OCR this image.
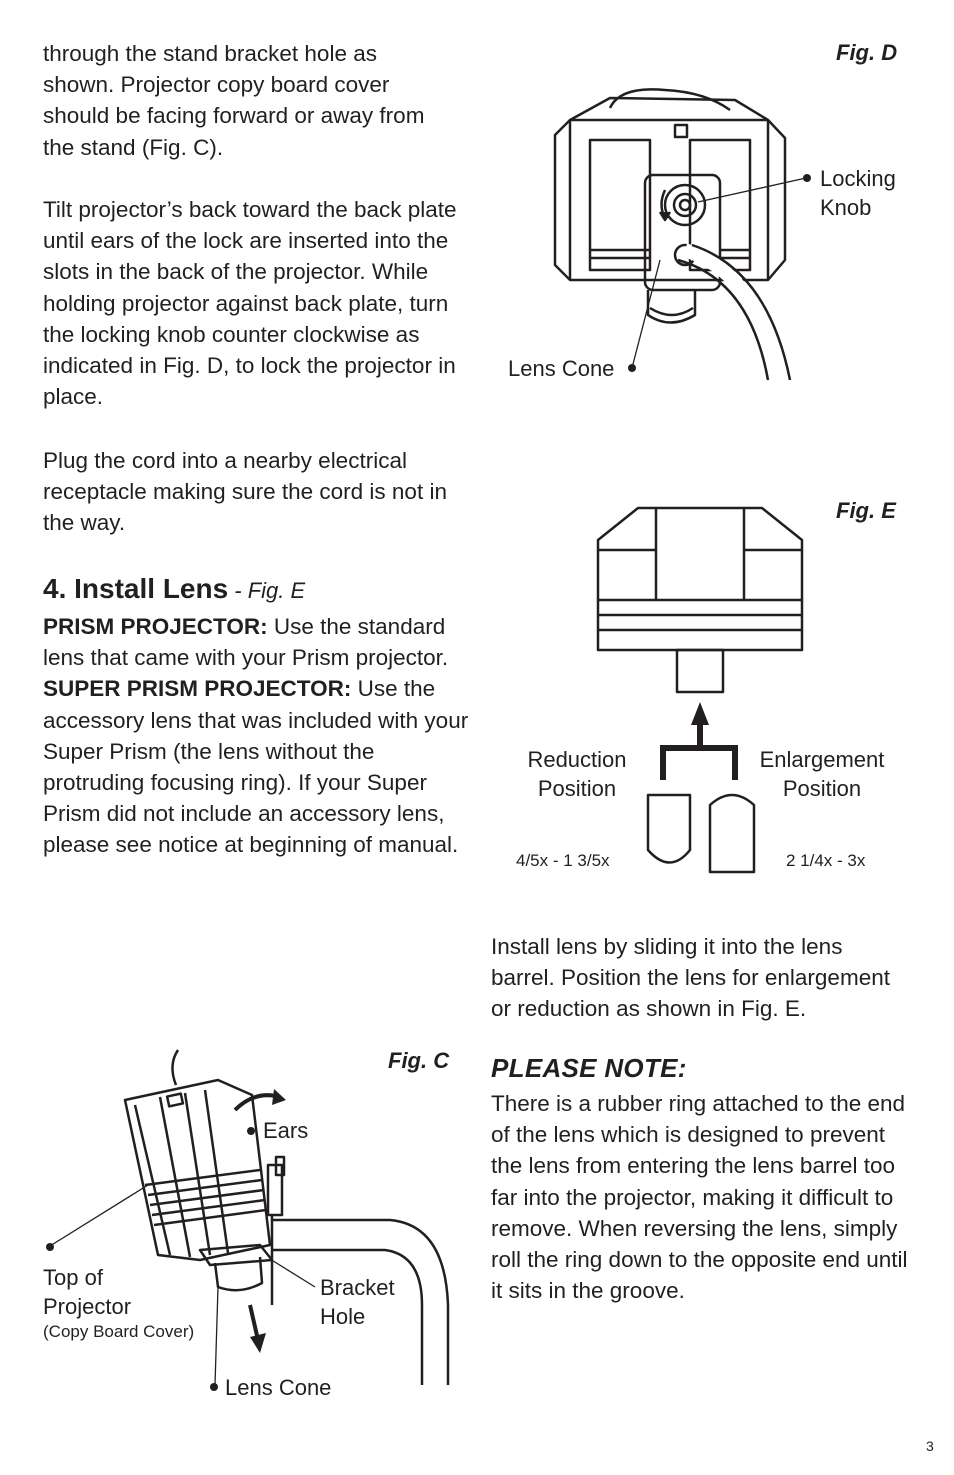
through the stand bracket hole as shown. Projector copy board cover should be facing forward or away from the stand (Fig. C).

Tilt projector’s back toward the back plate until ears of the lock are inserted into the slots in the back of the projector. While holding projector against back plate, turn the locking knob counter clockwise as indicated in Fig. D, to lock the projector in place.

Plug the cord into a nearby electrical receptacle making sure the cord is not in the way.

4. Install Lens - Fig. E

PRISM PROJECTOR: Use the standard lens that came with your Prism projector. SUPER PRISM PROJECTOR: Use the accessory lens that was included with your Super Prism (the lens without the protruding focusing ring). If your Super Prism did not include an accessory lens, please see notice at beginning of manual.

Fig. D
Locking
Knob
Lens Cone
Fig. E
Reduction
Position
Enlargement
Position
4/5x - 1 3/5x	2 1/4x - 3x

Install lens by sliding it into the lens barrel. Position the lens for enlargement or reduction as shown in Fig. E.

PLEASE NOTE:

There is a rubber ring attached to the end of the lens which is designed to prevent the lens from entering the lens barrel too far into the projector, making it difficult to remove. When reversing the lens, simply roll the ring down to the opposite end until it sits in the groove.

Fig. C
Ears
Top of
Projector
(Copy Board Cover)
Bracket
Hole
Lens Cone
3
